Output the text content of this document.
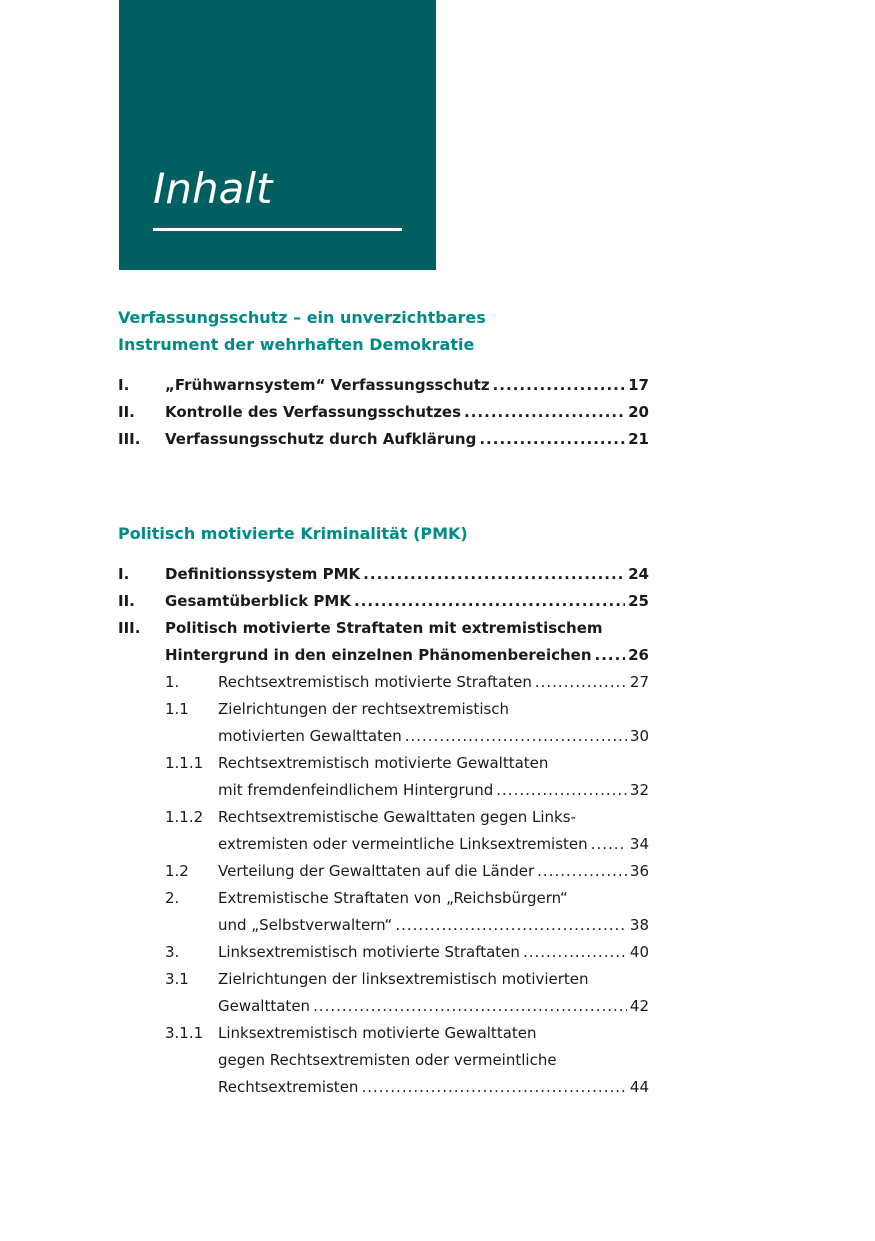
Inhalt
Verfassungsschutz – ein unverzichtbares
Instrument der wehrhaften Demokratie
I. „Frühwarnsystem“ Verfassungsschutz .....	17
II. Kontrolle des Verfassungsschutzes .....	20
III. Verfassungsschutz durch Aufklärung .....	21
Politisch motivierte Kriminalität (PMK)
I. Definitionssystem PMK .....	24
II. Gesamtüberblick PMK .....	25
III. Politisch motivierte Straftaten mit extremistischem
Hintergrund in den einzelnen Phänomenbereichen ..... 26
1.	Rechtsextremistisch motivierte Straftaten .....	27
1.1 Zielrichtungen der rechtsextremistisch
motivierten Gewalttaten .....	30
1.1.1 Rechtsextremistisch motivierte Gewalttaten
mit fremdenfeindlichem Hintergrund .....	32
1.1.2 Rechtsextremistische Gewalttaten gegen Links-
extremisten oder vermeintliche Linksextremisten .....	34
1.2 Verteilung der Gewalttaten auf die Länder .....	36
2.	Extremistische Straftaten von „Reichsbürgern“
und „Selbstverwaltern“ .....	38
3.	Linksextremistisch motivierte Straftaten .....	40
3.1 Zielrichtungen der linksextremistisch motivierten
Gewalttaten .....	42
3.1.1 Linksextremistisch motivierte Gewalttaten
gegen Rechtsextremisten oder vermeintliche
Rechtsextremisten .....	44
